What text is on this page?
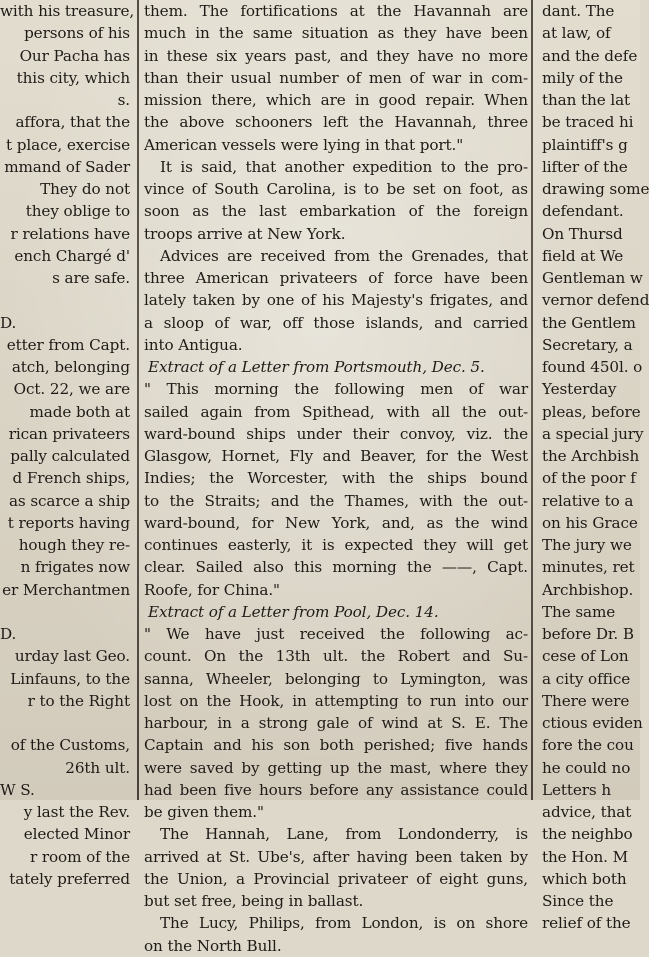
with his treasure,
persons of his
Our Pacha has
this city, which
s.
affora, that the
t place, exercise
mmand of Sader
They do not
they oblige to
r relations have
ench Chargé d'
s are safe.
D.
etter from Capt.
atch, belonging
Oct. 22, we are
made both at
rican privateers
pally calculated
d French ships,
as scarce a ship
t reports having
hough they re-
n frigates now
er Merchantmen
D.
urday last Geo.
Linfauns, to the
r to the Right
of the Customs,
26th ult.
W S.
y last the Rev.
elected Minor
r room of the
tately preferred
them. The fortifications at the Havannah are
much in the same situation as they have been
in these six years past, and they have no more
than their usual number of men of war in com-
mission there, which are in good repair. When
the above schooners left the Havannah, three
American vessels were lying in that port."
It is said, that another expedition to the pro-
vince of South Carolina, is to be set on foot, as
soon as the last embarkation of the foreign
troops arrive at New York.
Advices are received from the Grenades, that
three American privateers of force have been
lately taken by one of his Majesty's frigates, and
a sloop of war, off those islands, and carried
into Antigua.
Extract of a Letter from Portsmouth, Dec. 5.
" This morning the following men of war
sailed again from Spithead, with all the out-
ward-bound ships under their convoy, viz. the
Glasgow, Hornet, Fly and Beaver, for the West
Indies; the Worcester, with the ships bound
to the Straits; and the Thames, with the out-
ward-bound, for New York, and, as the wind
continues easterly, it is expected they will get
clear. Sailed also this morning the ——, Capt.
Roofe, for China."
Extract of a Letter from Pool, Dec. 14.
" We have just received the following ac-
count. On the 13th ult. the Robert and Su-
sanna, Wheeler, belonging to Lymington, was
lost on the Hook, in attempting to run into our
harbour, in a strong gale of wind at S. E. The
Captain and his son both perished; five hands
were saved by getting up the mast, where they
had been five hours before any assistance could
be given them."
The Hannah, Lane, from Londonderry, is
arrived at St. Ube's, after having been taken by
the Union, a Provincial privateer of eight guns,
but set free, being in ballast.
The Lucy, Philips, from London, is on shore
on the North Bull.
dant. The
at law, of
and the defe
mily of the
than the lat
be traced hi
plaintiff's g
lifter of the
drawing some
defendant.
On Thursd
field at We
Gentleman w
vernor defend
the Gentlem
Secretary, a
found 450l. o
Yesterday
pleas, before
a special jury
the Archbish
of the poor f
relative to a
on his Grace
The jury we
minutes, ret
Archbishop.
The same
before Dr. B
cese of Lon
a city office
There were
ctious eviden
fore the cou
he could no
Letters h
advice, that
the neighbo
the Hon. M
which both
Since the
relief of the
